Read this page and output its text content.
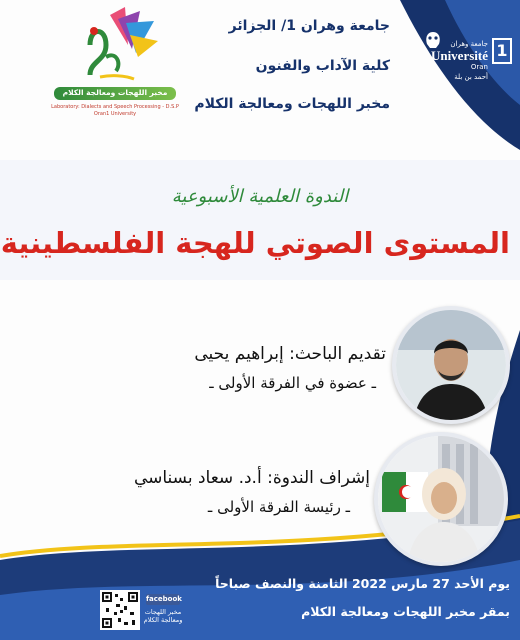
1
جامعة وهران
Université
Oran
أحمد بن بلة
جامعة وهران 1/ الجزائر
كلية الآداب والفنون
مخبر اللهجات ومعالجة الكلام
مخبر اللهجات ومعالجة الكلام
Laboratory: Dialects and Speech Processing - D.S.P
Oran1 University
الندوة العلمية الأسبوعية
المستوى الصوتي للهجة الفلسطينية
تقديم الباحث: إبراهيم يحيى
ـ عضوة في الفرقة الأولى ـ
إشراف الندوة: أ.د. سعاد بسناسي
ـ رئيسة الفرقة الأولى ـ
يوم الأحد 27 مارس 2022 الثامنة والنصف صباحاً
بمقر مخبر اللهجات ومعالجة الكلام
facebook
مخبر اللهجات ومعالجة الكلام
